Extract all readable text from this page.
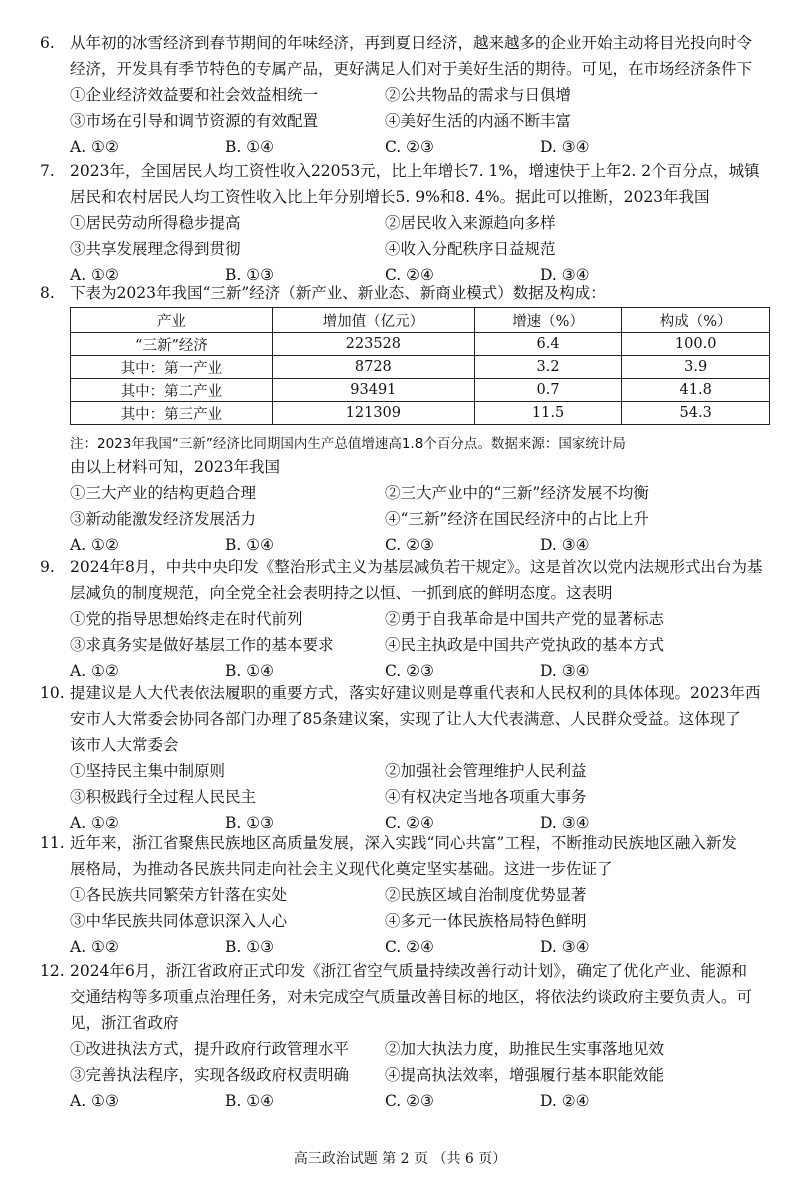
6. 从年初的冰雪经济到春节期间的年味经济，再到夏日经济，越来越多的企业开始主动将目光投向时令

经济，开发具有季节特色的专属产品，更好满足人们对于美好生活的期待。可见，在市场经济条件下

①企业经济效益要和社会效益相统一	②公共物品的需求与日俱增
③市场在引导和调节资源的有效配置	④美好生活的内涵不断丰富
A. ①②	B. ①④	C. ②③	D. ③④

7. 2023年，全国居民人均工资性收入22053元，比上年增长7. 1%，增速快于上年2. 2个百分点，城镇

居民和农村居民人均工资性收入比上年分别增长5. 9%和8. 4%。据此可以推断，2023年我国

①居民劳动所得稳步提高	②居民收入来源趋向多样
③共享发展理念得到贯彻	④收入分配秩序日益规范
A. ①②	B. ①③	C. ②④	D. ③④

8. 下表为2023年我国“三新”经济（新产业、新业态、新商业模式）数据及构成：

产业	增加值（亿元）	增速（%）	构成（%）
“三新”经济	223528	6.4	100.0
其中：第一产业	8728	3.2	3.9
其中：第二产业	93491	0.7	41.8
其中：第三产业	121309	11.5	54.3
注：2023年我国“三新”经济比同期国内生产总值增速高1.8个百分点。数据来源：国家统计局

由以上材料可知，2023年我国

①三大产业的结构更趋合理	②三大产业中的“三新”经济发展不均衡
③新动能激发经济发展活力	④“三新”经济在国民经济中的占比上升
A. ①②	B. ①④	C. ②③	D. ③④

9. 2024年8月，中共中央印发《整治形式主义为基层减负若干规定》。这是首次以党内法规形式出台为基

层减负的制度规范，向全党全社会表明持之以恒、一抓到底的鲜明态度。这表明

①党的指导思想始终走在时代前列	②勇于自我革命是中国共产党的显著标志
③求真务实是做好基层工作的基本要求	④民主执政是中国共产党执政的基本方式
A. ①②	B. ①④	C. ②③	D. ③④

10. 提建议是人大代表依法履职的重要方式，落实好建议则是尊重代表和人民权利的具体体现。2023年西

安市人大常委会协同各部门办理了85条建议案，实现了让人大代表满意、人民群众受益。这体现了

该市人大常委会

①坚持民主集中制原则	②加强社会管理维护人民利益
③积极践行全过程人民民主	④有权决定当地各项重大事务
A. ①②	B. ①③	C. ②④	D. ③④

11. 近年来，浙江省聚焦民族地区高质量发展，深入实践“同心共富”工程，不断推动民族地区融入新发

展格局，为推动各民族共同走向社会主义现代化奠定坚实基础。这进一步佐证了

①各民族共同繁荣方针落在实处	②民族区域自治制度优势显著
③中华民族共同体意识深入人心	④多元一体民族格局特色鲜明
A. ①②	B. ①③	C. ②④	D. ③④

12. 2024年6月，浙江省政府正式印发《浙江省空气质量持续改善行动计划》，确定了优化产业、能源和

交通结构等多项重点治理任务，对未完成空气质量改善目标的地区，将依法约谈政府主要负责人。可

见，浙江省政府

①改进执法方式，提升政府行政管理水平 ②加大执法力度，助推民生实事落地见效
③完善执法程序，实现各级政府权责明确 ④提高执法效率，增强履行基本职能效能
A. ①③	B. ①④	C. ②③	D. ②④
高三政治试题 第 2 页 （共 6 页）
